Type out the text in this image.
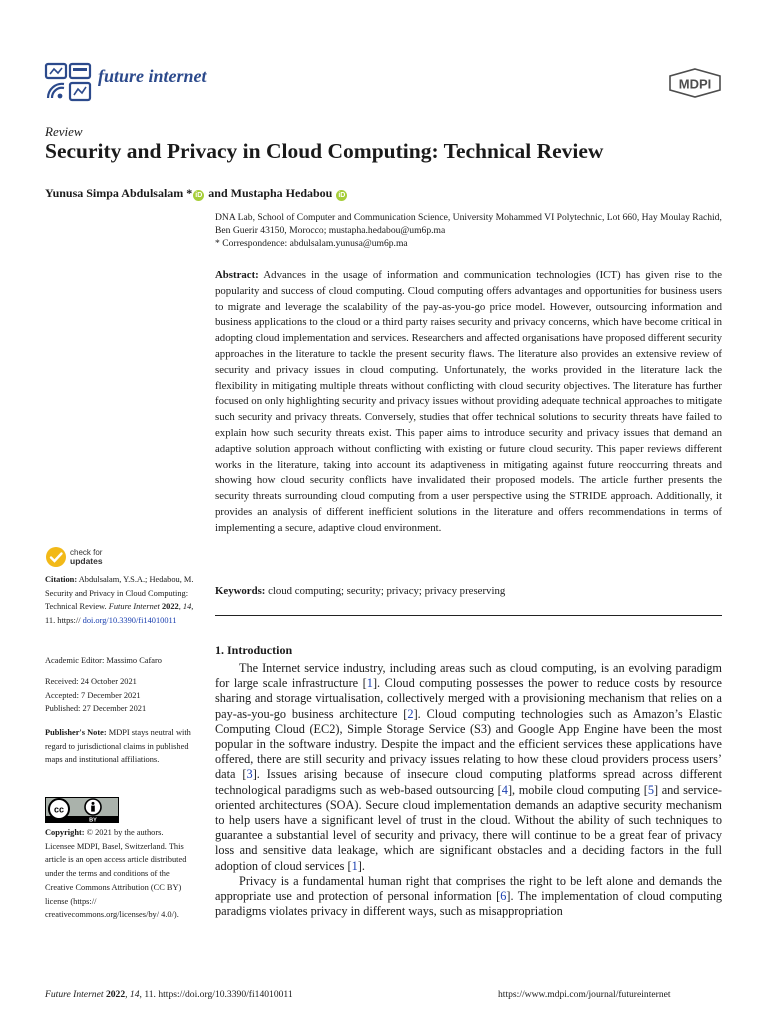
future internet	MDPI
Review
Security and Privacy in Cloud Computing: Technical Review
Yunusa Simpa Abdulsalam * iD and Mustapha Hedabou iD
DNA Lab, School of Computer and Communication Science, University Mohammed VI Polytechnic, Lot 660, Hay Moulay Rachid, Ben Guerir 43150, Morocco; mustapha.hedabou@um6p.ma
* Correspondence: abdulsalam.yunusa@um6p.ma
Abstract: Advances in the usage of information and communication technologies (ICT) has given rise to the popularity and success of cloud computing. Cloud computing offers advantages and opportunities for business users to migrate and leverage the scalability of the pay-as-you-go price model. However, outsourcing information and business applications to the cloud or a third party raises security and privacy concerns, which have become critical in adopting cloud implementation and services. Researchers and affected organisations have proposed different security approaches in the literature to tackle the present security flaws. The literature also provides an extensive review of security and privacy issues in cloud computing. Unfortunately, the works provided in the literature lack the flexibility in mitigating multiple threats without conflicting with cloud security objectives. The literature has further focused on only highlighting security and privacy issues without providing adequate technical approaches to mitigate such security and privacy threats. Conversely, studies that offer technical solutions to security threats have failed to explain how such security threats exist. This paper aims to introduce security and privacy issues that demand an adaptive solution approach without conflicting with existing or future cloud security. This paper reviews different works in the literature, taking into account its adaptiveness in mitigating against future reoccurring threats and showing how cloud security conflicts have invalidated their proposed models. The article further presents the security threats surrounding cloud computing from a user perspective using the STRIDE approach. Additionally, it provides an analysis of different inefficient solutions in the literature and offers recommendations in terms of implementing a secure, adaptive cloud environment.
Keywords: cloud computing; security; privacy; privacy preserving
1. Introduction

The Internet service industry, including areas such as cloud computing, is an evolving paradigm for large scale infrastructure [1]. Cloud computing possesses the power to reduce costs by resource sharing and storage virtualisation, collectively merged with a provisioning mechanism that relies on a pay-as-you-go business architecture [2]. Cloud computing technologies such as Amazon’s Elastic Computing Cloud (EC2), Simple Storage Service (S3) and Google App Engine have been the most popular in the software industry. Despite the impact and the efficient services these applications have offered, there are still security and privacy issues relating to how these cloud providers process users’ data [3]. Issues arising because of insecure cloud computing platforms spread across different technological paradigms such as web-based outsourcing [4], mobile cloud computing [5] and service-oriented architectures (SOA). Secure cloud implementation demands an adaptive security mechanism to help users have a significant level of trust in the cloud. Without the ability of such techniques to guarantee a substantial level of security and privacy, there will continue to be a great fear of privacy loss and sensitive data leakage, which are significant obstacles and a deciding factors in the full adoption of cloud services [1].

Privacy is a fundamental human right that comprises the right to be left alone and demands the appropriate use and protection of personal information [6]. The implementation of cloud computing paradigms violates privacy in different ways, such as misappropriation

check for
updates
Citation: Abdulsalam, Y.S.A.; Hedabou, M. Security and Privacy in Cloud Computing: Technical Review. Future Internet 2022, 14, 11. https:// doi.org/10.3390/fi14010011
Academic Editor: Massimo Cafaro
Received: 24 October 2021
Accepted: 7 December 2021
Published: 27 December 2021
Publisher's Note: MDPI stays neutral with regard to jurisdictional claims in published maps and institutional affiliations.
cc
BY
Copyright: © 2021 by the authors. Licensee MDPI, Basel, Switzerland. This article is an open access article distributed under the terms and conditions of the Creative Commons Attribution (CC BY) license (https:// creativecommons.org/licenses/by/ 4.0/).
Future Internet 2022, 14, 11. https://doi.org/10.3390/fi14010011	https://www.mdpi.com/journal/futureinternet
